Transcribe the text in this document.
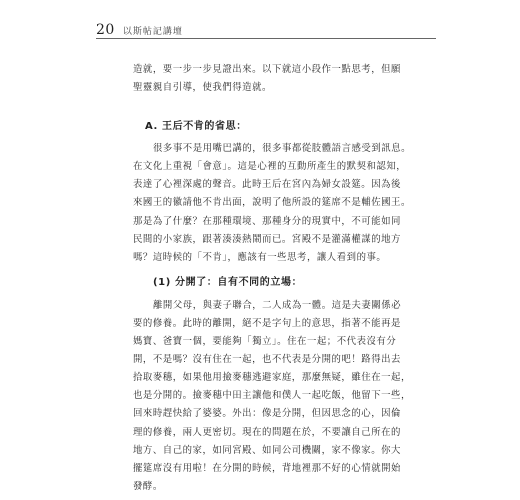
20 以斯帖記講壇

造就，要一步一步見證出來。以下就這小段作一點思考，但願
聖靈親自引導，使我們得造就。

A. 王后不肯的省思：

很多事不是用嘴巴講的，很多事都從肢體語言感受到訊息。
在文化上重視「會意」。這是心裡的互動所產生的默契和認知，
表達了心裡深處的聲音。此時王后在宮內為婦女設筵。因為後
來國王的徽請他不肯出面，說明了他所設的筵席不是輔佐國王。
那是為了什麼？在那種環境、那種身分的現實中，不可能如同
民間的小家族，跟著湊湊熱鬧而已。宮殿不是灌滿權謀的地方
嗎？這時候的「不肯」，應該有一些思考，讓人看到的事。

(1) 分開了：自有不同的立場：

離開父母，與妻子聯合，二人成為一體。這是夫妻關係必
要的修養。此時的離開，絕不是字句上的意思，指著不能再是
媽寶、爸寶一個，要能夠「獨立」。住在一起；不代表沒有分
開，不是嗎？沒有住在一起，也不代表是分開的吧！路得出去
拾取麥穗，如果他用撿麥穗逃避家庭，那麼無疑，雖住在一起，
也是分開的。撿麥穗中田主讓他和僕人一起吃飯，他留下一些，
回來時趕快給了婆婆。外出：像是分開，但因思念的心，因倫
理的修養，兩人更密切。現在的問題在於，不要讓自己所在的
地方、自己的家，如同宮殿、如同公司機關，家不像家。你大
擺筵席沒有用啦！在分開的時候，背地裡那不好的心情就開始
發酵。
